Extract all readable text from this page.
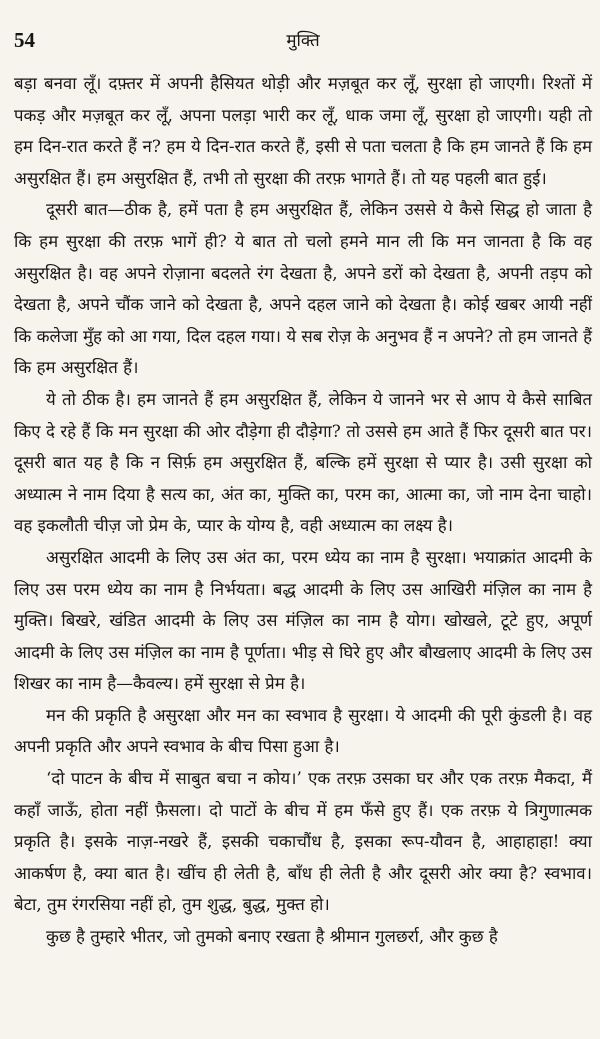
54	मुक्ति

बड़ा बनवा लूँ। दफ़्तर में अपनी हैसियत थोड़ी और मज़बूत कर लूँ, सुरक्षा हो जाएगी। रिश्तों में पकड़ और मज़बूत कर लूँ, अपना पलड़ा भारी कर लूँ, धाक जमा लूँ, सुरक्षा हो जाएगी। यही तो हम दिन-रात करते हैं न? हम ये दिन-रात करते हैं, इसी से पता चलता है कि हम जानते हैं कि हम असुरक्षित हैं। हम असुरक्षित हैं, तभी तो सुरक्षा की तरफ़ भागते हैं। तो यह पहली बात हुई।

दूसरी बात—ठीक है, हमें पता है हम असुरक्षित हैं, लेकिन उससे ये कैसे सिद्ध हो जाता है कि हम सुरक्षा की तरफ़ भागें ही? ये बात तो चलो हमने मान ली कि मन जानता है कि वह असुरक्षित है। वह अपने रोज़ाना बदलते रंग देखता है, अपने डरों को देखता है, अपनी तड़प को देखता है, अपने चौंक जाने को देखता है, अपने दहल जाने को देखता है। कोई खबर आयी नहीं कि कलेजा मुँह को आ गया, दिल दहल गया। ये सब रोज़ के अनुभव हैं न अपने? तो हम जानते हैं कि हम असुरक्षित हैं।

ये तो ठीक है। हम जानते हैं हम असुरक्षित हैं, लेकिन ये जानने भर से आप ये कैसे साबित किए दे रहे हैं कि मन सुरक्षा की ओर दौड़ेगा ही दौड़ेगा? तो उससे हम आते हैं फिर दूसरी बात पर। दूसरी बात यह है कि न सिर्फ़ हम असुरक्षित हैं, बल्कि हमें सुरक्षा से प्यार है। उसी सुरक्षा को अध्यात्म ने नाम दिया है सत्य का, अंत का, मुक्ति का, परम का, आत्मा का, जो नाम देना चाहो। वह इकलौती चीज़ जो प्रेम के, प्यार के योग्य है, वही अध्यात्म का लक्ष्य है।

असुरक्षित आदमी के लिए उस अंत का, परम ध्येय का नाम है सुरक्षा। भयाक्रांत आदमी के लिए उस परम ध्येय का नाम है निर्भयता। बद्ध आदमी के लिए उस आखिरी मंज़िल का नाम है मुक्ति। बिखरे, खंडित आदमी के लिए उस मंज़िल का नाम है योग। खोखले, टूटे हुए, अपूर्ण आदमी के लिए उस मंज़िल का नाम है पूर्णता। भीड़ से घिरे हुए और बौखलाए आदमी के लिए उस शिखर का नाम है—कैवल्य। हमें सुरक्षा से प्रेम है।

मन की प्रकृति है असुरक्षा और मन का स्वभाव है सुरक्षा। ये आदमी की पूरी कुंडली है। वह अपनी प्रकृति और अपने स्वभाव के बीच पिसा हुआ है।

‘दो पाटन के बीच में साबुत बचा न कोय।’ एक तरफ़ उसका घर और एक तरफ़ मैकदा, मैं कहाँ जाऊँ, होता नहीं फ़ैसला। दो पाटों के बीच में हम फँसे हुए हैं। एक तरफ़ ये त्रिगुणात्मक प्रकृति है। इसके नाज़-नखरे हैं, इसकी चकाचौंध है, इसका रूप-यौवन है, आहाहाहा! क्या आकर्षण है, क्या बात है। खींच ही लेती है, बाँध ही लेती है और दूसरी ओर क्या है? स्वभाव। बेटा, तुम रंगरसिया नहीं हो, तुम शुद्ध, बुद्ध, मुक्त हो।

कुछ है तुम्हारे भीतर, जो तुमको बनाए रखता है श्रीमान गुलछर्रा, और कुछ है
